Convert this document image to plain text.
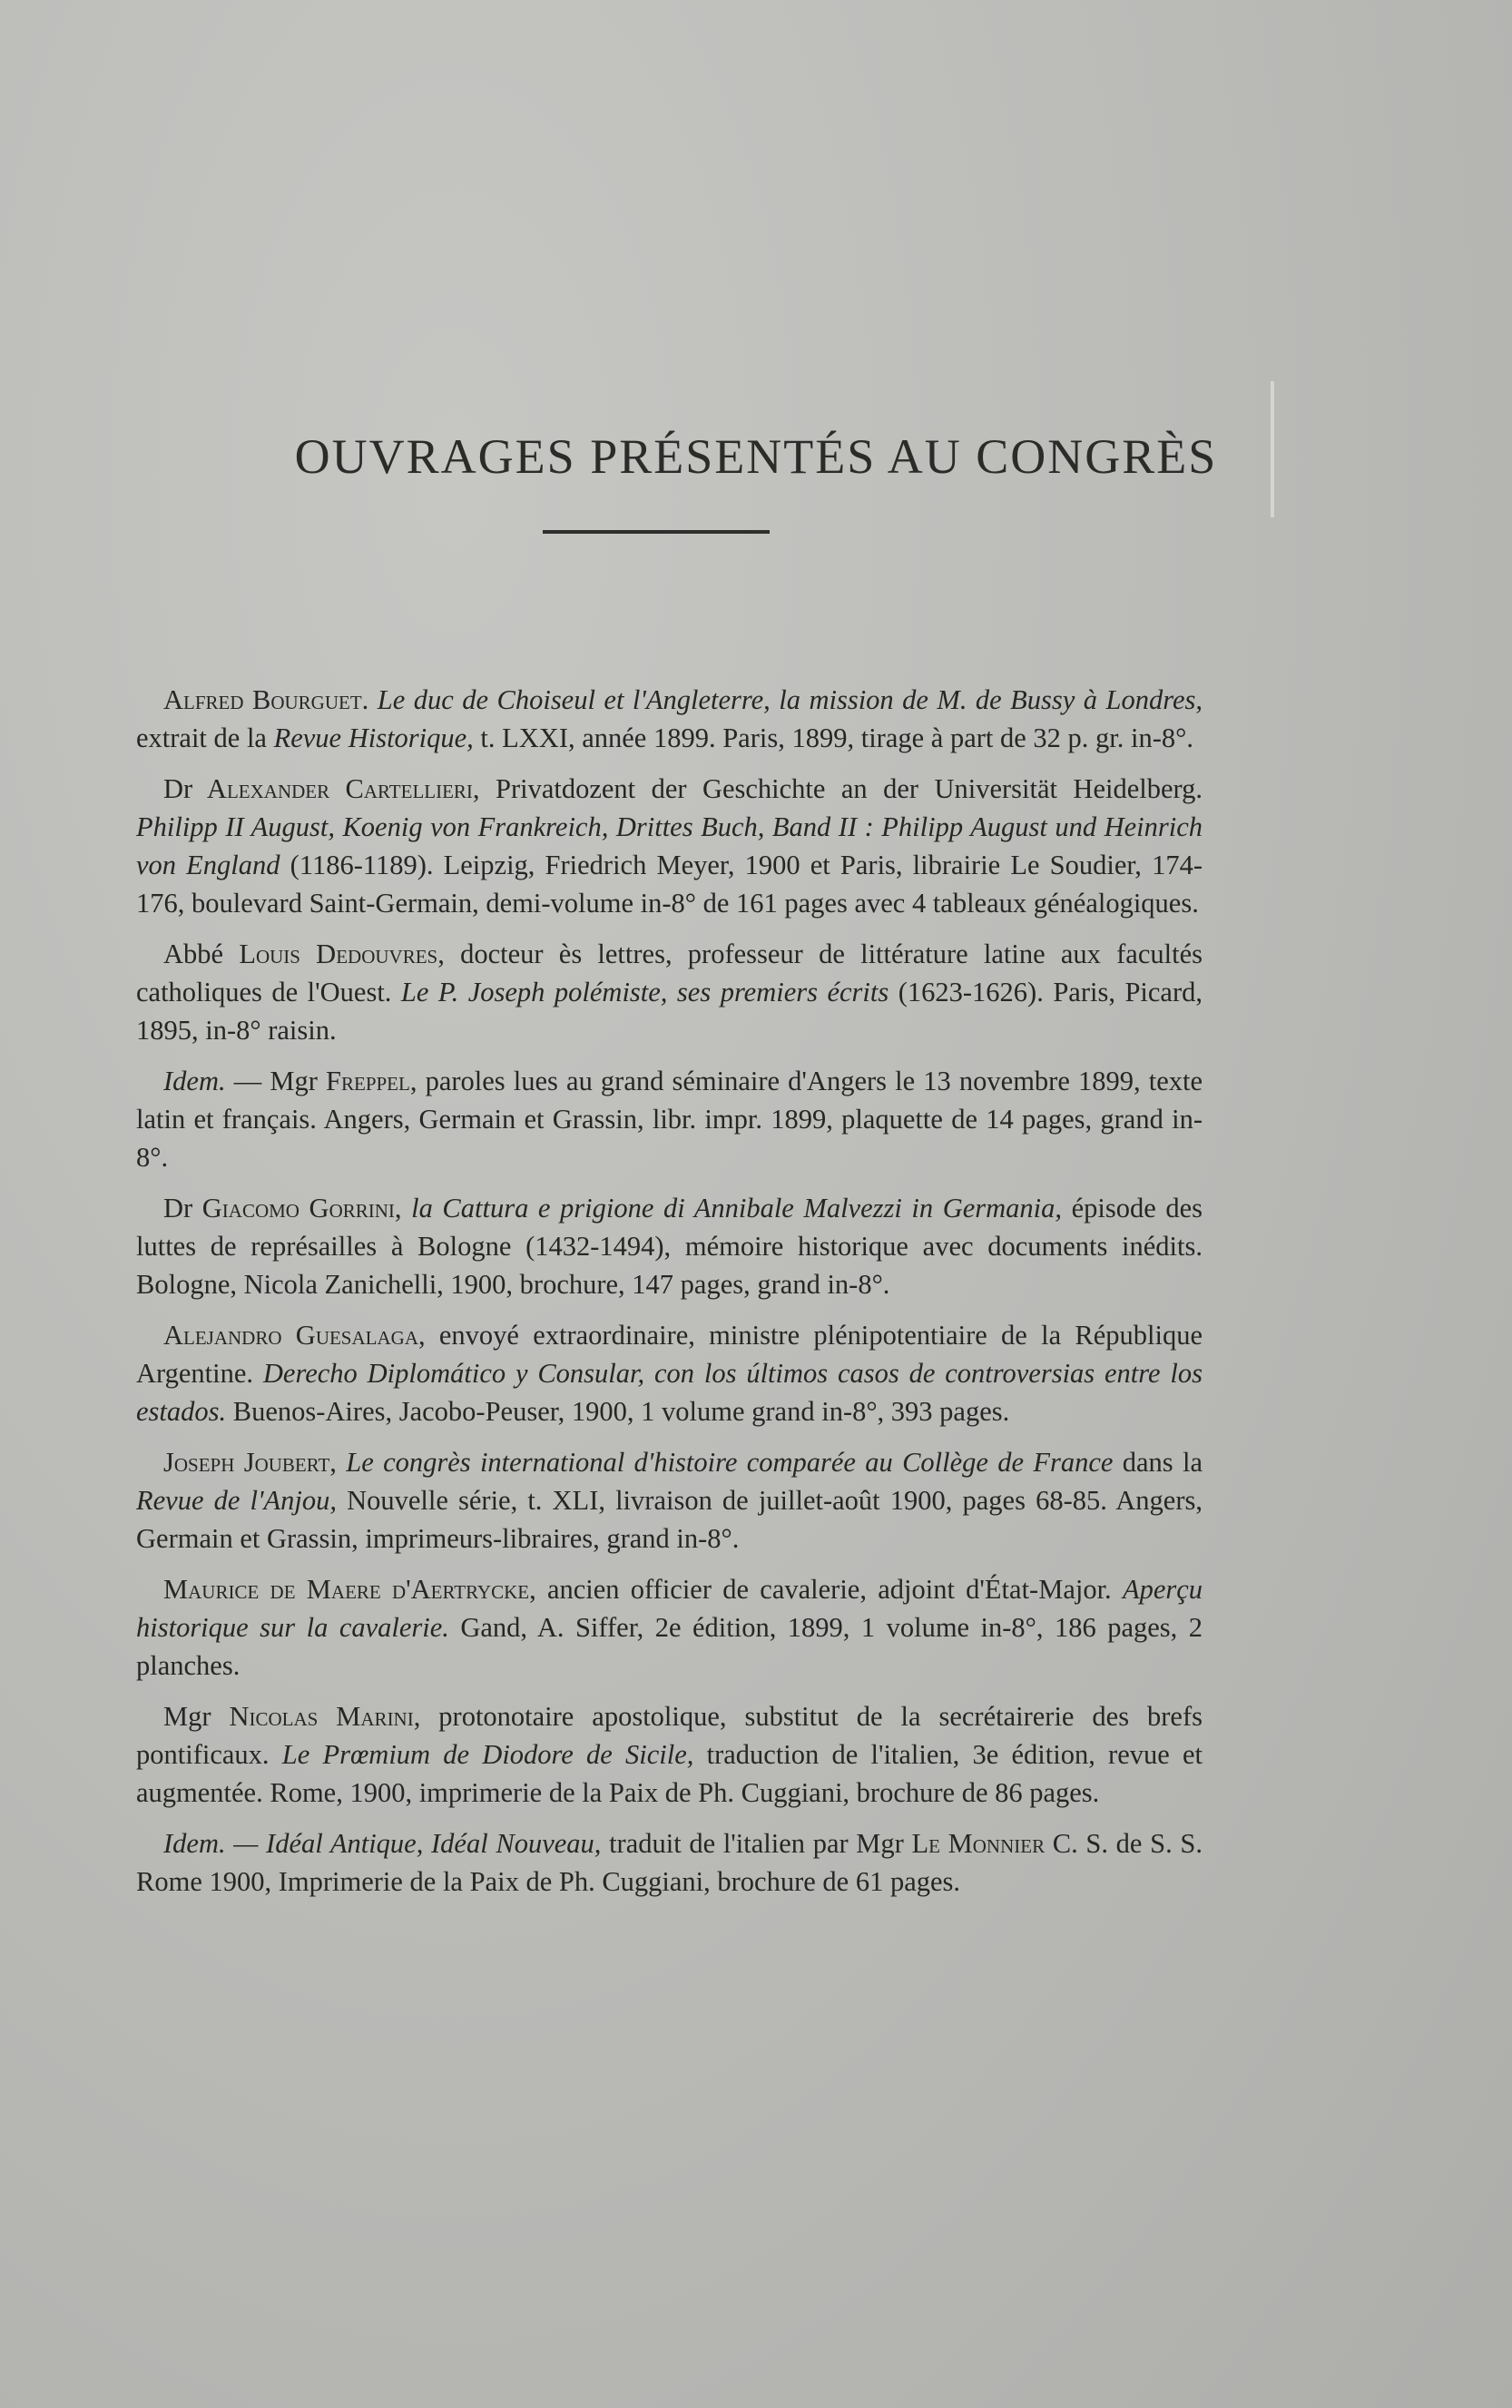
OUVRAGES PRÉSENTÉS AU CONGRÈS

Alfred Bourguet. Le duc de Choiseul et l'Angleterre, la mission de M. de Bussy à Londres, extrait de la Revue Historique, t. LXXI, année 1899. Paris, 1899, tirage à part de 32 p. gr. in-8°.

Dr Alexander Cartellieri, Privatdozent der Geschichte an der Universität Heidelberg. Philipp II August, Koenig von Frankreich, Drittes Buch, Band II : Philipp August und Heinrich von England (1186-1189). Leipzig, Friedrich Meyer, 1900 et Paris, librairie Le Soudier, 174-176, boulevard Saint-Germain, demi-volume in-8° de 161 pages avec 4 tableaux généalogiques.

Abbé Louis Dedouvres, docteur ès lettres, professeur de littérature latine aux facultés catholiques de l'Ouest. Le P. Joseph polémiste, ses premiers écrits (1623-1626). Paris, Picard, 1895, in-8° raisin.

Idem. — Mgr Freppel, paroles lues au grand séminaire d'Angers le 13 novembre 1899, texte latin et français. Angers, Germain et Grassin, libr. impr. 1899, plaquette de 14 pages, grand in-8°.

Dr Giacomo Gorrini, la Cattura e prigione di Annibale Malvezzi in Germania, épisode des luttes de représailles à Bologne (1432-1494), mémoire historique avec documents inédits. Bologne, Nicola Zanichelli, 1900, brochure, 147 pages, grand in-8°.

Alejandro Guesalaga, envoyé extraordinaire, ministre plénipotentiaire de la République Argentine. Derecho Diplomático y Consular, con los últimos casos de controversias entre los estados. Buenos-Aires, Jacobo-Peuser, 1900, 1 volume grand in-8°, 393 pages.

Joseph Joubert, Le congrès international d'histoire comparée au Collège de France dans la Revue de l'Anjou, Nouvelle série, t. XLI, livraison de juillet-août 1900, pages 68-85. Angers, Germain et Grassin, imprimeurs-libraires, grand in-8°.

Maurice de Maere d'Aertrycke, ancien officier de cavalerie, adjoint d'État-Major. Aperçu historique sur la cavalerie. Gand, A. Siffer, 2e édition, 1899, 1 volume in-8°, 186 pages, 2 planches.

Mgr Nicolas Marini, protonotaire apostolique, substitut de la secrétairerie des brefs pontificaux. Le Prœmium de Diodore de Sicile, traduction de l'italien, 3e édition, revue et augmentée. Rome, 1900, imprimerie de la Paix de Ph. Cuggiani, brochure de 86 pages.

Idem. — Idéal Antique, Idéal Nouveau, traduit de l'italien par Mgr Le Monnier C. S. de S. S. Rome 1900, Imprimerie de la Paix de Ph. Cuggiani, brochure de 61 pages.
